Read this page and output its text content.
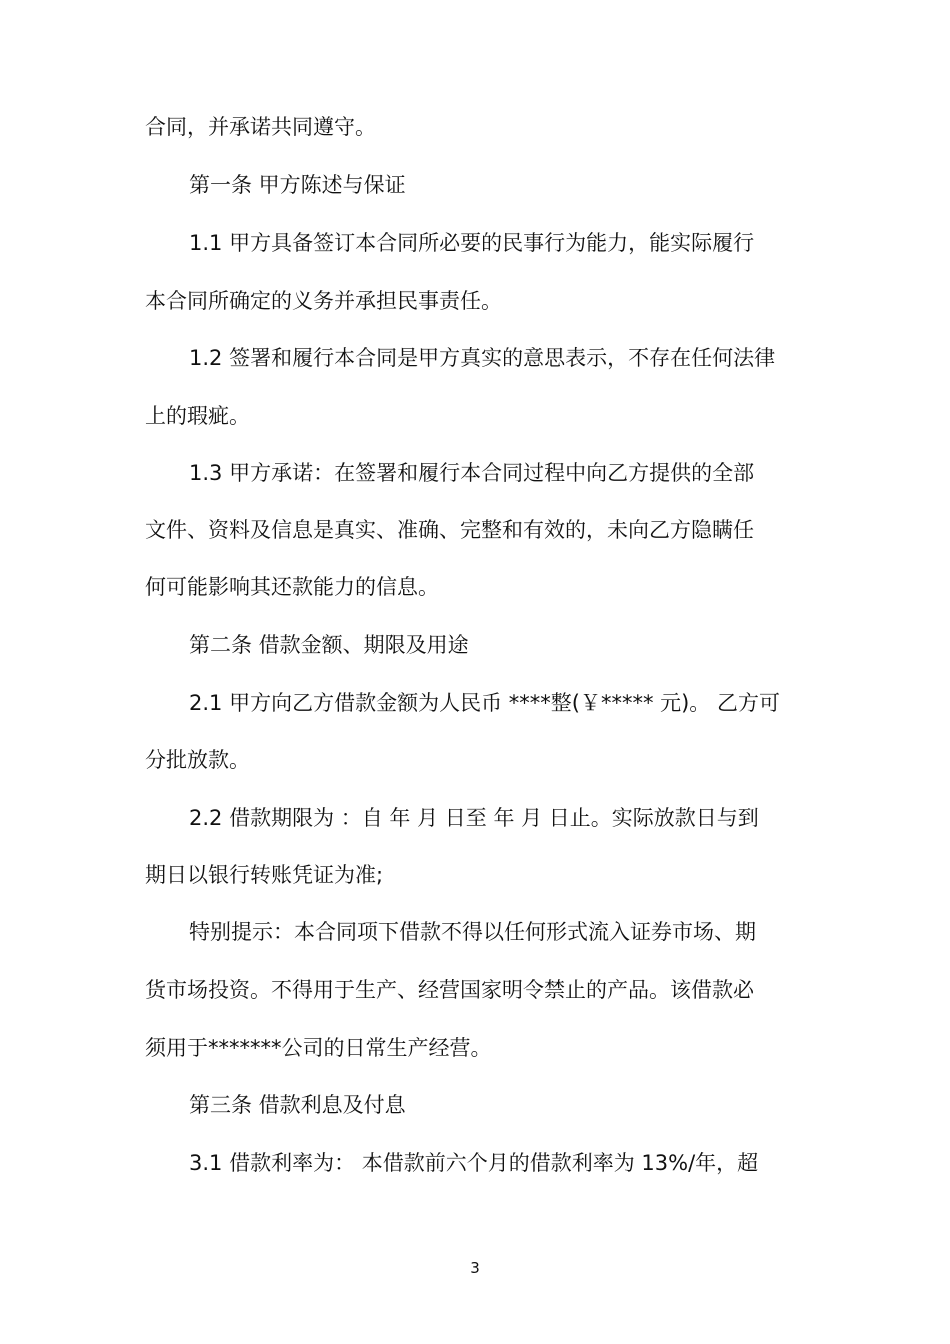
合同，并承诺共同遵守。
第一条 甲方陈述与保证
1.1 甲方具备签订本合同所必要的民事行为能力，能实际履行
本合同所确定的义务并承担民事责任。
1.2 签署和履行本合同是甲方真实的意思表示，不存在任何法律
上的瑕疵。
1.3 甲方承诺：在签署和履行本合同过程中向乙方提供的全部
文件、资料及信息是真实、准确、完整和有效的，未向乙方隐瞒任
何可能影响其还款能力的信息。
第二条 借款金额、期限及用途
2.1 甲方向乙方借款金额为人民币 ****整(￥***** 元)。 乙方可
分批放款。
2.2 借款期限为 ：自 年 月 日至 年 月 日止。实际放款日与到
期日以银行转账凭证为准;
特别提示：本合同项下借款不得以任何形式流入证券市场、期
货市场投资。不得用于生产、经营国家明令禁止的产品。该借款必
须用于*******公司的日常生产经营。
第三条 借款利息及付息
3.1 借款利率为： 本借款前六个月的借款利率为 13%/年，超
3
